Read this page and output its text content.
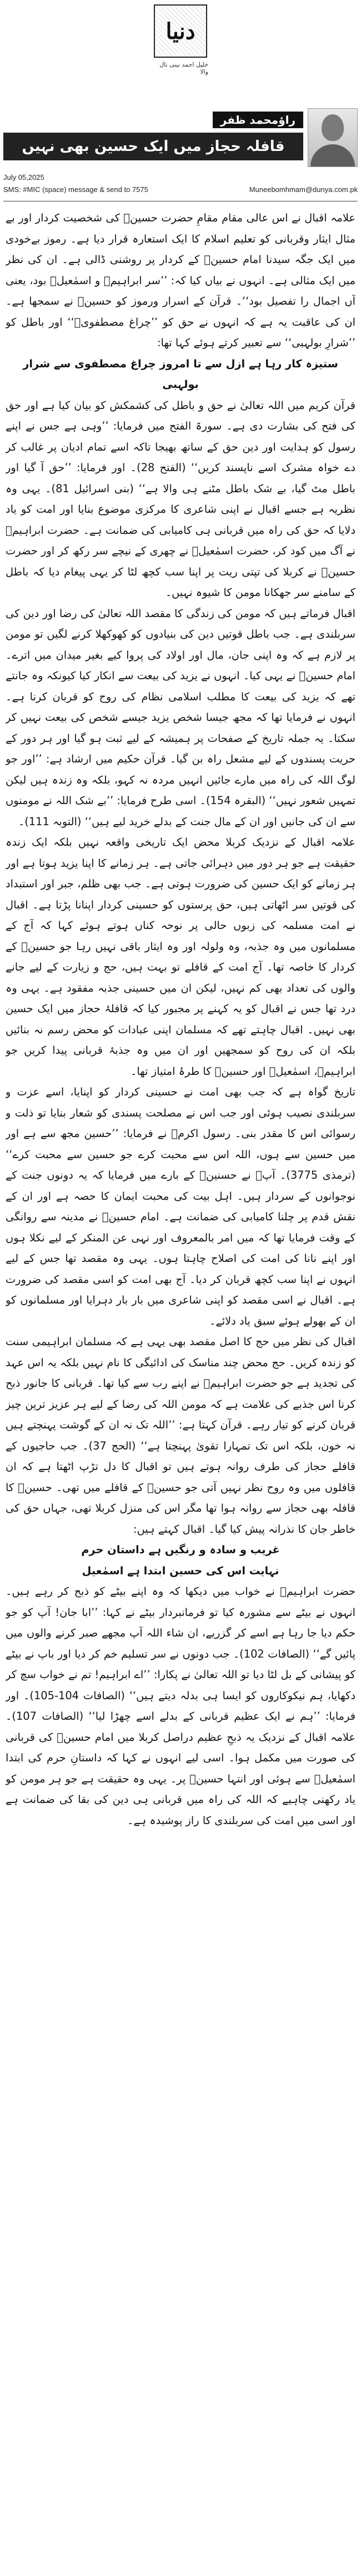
دنیا
خلیل احمد نینی تال والا
راؤمحمد ظفر
قافلہ حجاز میں ایک حسین بھی نہیں
July 05,2025
SMS: #MIC (space) message & send to 7575	Muneebomhmam@dunya.com.pk

علامہ اقبال نے اس عالی مقام مقامِ حضرت حسینؓ کی شخصیت کردار اور بے مثال ایثار وقربانی کو تعلیم اسلام کا ایک استعارہ قرار دیا ہے۔ رموز بےخودی میں ایک جگہ سیدنا امام حسینؓ کے کردار پر روشنی ڈالی ہے۔ ان کی نظر میں ایک مثالی ہے۔ انہوں نے بیاں کیا کہ: ’’سر ابراہیمؑ و اسمٰعیلؑ بود، یعنی آں اجمال را تفصیل بود‘‘۔ قرآن کے اسرار ورموز کو حسینؓ نے سمجھا ہے۔ ان کی عاقبت یہ ہے کہ انہوں نے حق کو ’’چراغ مصطفویؐ‘‘ اور باطل کو ’’شرارِ بولہبی‘‘ سے تعبیر کرتے ہوئے کہا تھا:

ستیزہ کار رہا ہے ازل سے تا امروز چراغ مصطفوی سے شرار بولہبی

قرآن کریم میں اللہ تعالیٰ نے حق و باطل کی کشمکش کو بیان کیا ہے اور حق کی فتح کی بشارت دی ہے۔ سورۃ الفتح میں فرمایا: ’’وہی ہے جس نے اپنے رسول کو ہدایت اور دین حق کے ساتھ بھیجا تاکہ اسے تمام ادیان پر غالب کر دے خواہ مشرک اسے ناپسند کریں‘‘ (الفتح 28)۔ اور فرمایا: ’’حق آ گیا اور باطل مٹ گیا، بے شک باطل مٹنے ہی والا ہے‘‘ (بنی اسرائیل 81)۔ یہی وہ نظریہ ہے جسے اقبال نے اپنی شاعری کا مرکزی موضوع بنایا اور امت کو یاد دلایا کہ حق کی راہ میں قربانی ہی کامیابی کی ضمانت ہے۔ حضرت ابراہیمؑ نے آگ میں کود کر، حضرت اسمٰعیلؑ نے چھری کے نیچے سر رکھ کر اور حضرت حسینؓ نے کربلا کی تپتی ریت پر اپنا سب کچھ لٹا کر یہی پیغام دیا کہ باطل کے سامنے سر جھکانا مومن کا شیوہ نہیں۔

اقبال فرماتے ہیں کہ مومن کی زندگی کا مقصد اللہ تعالیٰ کی رضا اور دین کی سربلندی ہے۔ جب باطل قوتیں دین کی بنیادوں کو کھوکھلا کرنے لگیں تو مومن پر لازم ہے کہ وہ اپنی جان، مال اور اولاد کی پروا کیے بغیر میدان میں اترے۔ امام حسینؓ نے یہی کیا۔ انہوں نے یزید کی بیعت سے انکار کیا کیونکہ وہ جانتے تھے کہ یزید کی بیعت کا مطلب اسلامی نظام کی روح کو قربان کرنا ہے۔ انہوں نے فرمایا تھا کہ مجھ جیسا شخص یزید جیسے شخص کی بیعت نہیں کر سکتا۔ یہ جملہ تاریخ کے صفحات پر ہمیشہ کے لیے ثبت ہو گیا اور ہر دور کے حریت پسندوں کے لیے مشعل راہ بن گیا۔ قرآن حکیم میں ارشاد ہے: ’’اور جو لوگ اللہ کی راہ میں مارے جائیں انہیں مردہ نہ کہو، بلکہ وہ زندہ ہیں لیکن تمہیں شعور نہیں‘‘ (البقرہ 154)۔ اسی طرح فرمایا: ’’بے شک اللہ نے مومنوں سے ان کی جانیں اور ان کے مال جنت کے بدلے خرید لیے ہیں‘‘ (التوبہ 111)۔

علامہ اقبال کے نزدیک کربلا محض ایک تاریخی واقعہ نہیں بلکہ ایک زندہ حقیقت ہے جو ہر دور میں دہرائی جاتی ہے۔ ہر زمانے کا اپنا یزید ہوتا ہے اور ہر زمانے کو ایک حسین کی ضرورت ہوتی ہے۔ جب بھی ظلم، جبر اور استبداد کی قوتیں سر اٹھاتی ہیں، حق پرستوں کو حسینی کردار اپنانا پڑتا ہے۔ اقبال نے امت مسلمہ کی زبوں حالی پر نوحہ کناں ہوتے ہوئے کہا کہ آج کے مسلمانوں میں وہ جذبہ، وہ ولولہ اور وہ ایثار باقی نہیں رہا جو حسینؓ کے کردار کا خاصہ تھا۔ آج امت کے قافلے تو بہت ہیں، حج و زیارت کے لیے جانے والوں کی تعداد بھی کم نہیں، لیکن ان میں حسینی جذبہ مفقود ہے۔ یہی وہ درد تھا جس نے اقبال کو یہ کہنے پر مجبور کیا کہ قافلۂ حجاز میں ایک حسین بھی نہیں۔ اقبال چاہتے تھے کہ مسلمان اپنی عبادات کو محض رسم نہ بنائیں بلکہ ان کی روح کو سمجھیں اور ان میں وہ جذبۂ قربانی پیدا کریں جو ابراہیمؑ، اسمٰعیلؑ اور حسینؓ کا طرۂ امتیاز تھا۔

تاریخ گواہ ہے کہ جب بھی امت نے حسینی کردار کو اپنایا، اسے عزت و سربلندی نصیب ہوئی اور جب اس نے مصلحت پسندی کو شعار بنایا تو ذلت و رسوائی اس کا مقدر بنی۔ رسول اکرمؐ نے فرمایا: ’’حسین مجھ سے ہے اور میں حسین سے ہوں، اللہ اس سے محبت کرے جو حسین سے محبت کرے‘‘ (ترمذی 3775)۔ آپؐ نے حسنینؓ کے بارے میں فرمایا کہ یہ دونوں جنت کے نوجوانوں کے سردار ہیں۔ اہل بیت کی محبت ایمان کا حصہ ہے اور ان کے نقش قدم پر چلنا کامیابی کی ضمانت ہے۔ امام حسینؓ نے مدینہ سے روانگی کے وقت فرمایا تھا کہ میں امر بالمعروف اور نہی عن المنکر کے لیے نکلا ہوں اور اپنے نانا کی امت کی اصلاح چاہتا ہوں۔ یہی وہ مقصد تھا جس کے لیے انہوں نے اپنا سب کچھ قربان کر دیا۔ آج بھی امت کو اسی مقصد کی ضرورت ہے۔ اقبال نے اسی مقصد کو اپنی شاعری میں بار بار دہرایا اور مسلمانوں کو ان کے بھولے ہوئے سبق یاد دلائے۔

اقبال کی نظر میں حج کا اصل مقصد بھی یہی ہے کہ مسلمان ابراہیمی سنت کو زندہ کریں۔ حج محض چند مناسک کی ادائیگی کا نام نہیں بلکہ یہ اس عہد کی تجدید ہے جو حضرت ابراہیمؑ نے اپنے رب سے کیا تھا۔ قربانی کا جانور ذبح کرنا اس جذبے کی علامت ہے کہ مومن اللہ کی رضا کے لیے ہر عزیز ترین چیز قربان کرنے کو تیار رہے۔ قرآن کہتا ہے: ’’اللہ تک نہ ان کے گوشت پہنچتے ہیں نہ خون، بلکہ اس تک تمہارا تقویٰ پہنچتا ہے‘‘ (الحج 37)۔ جب حاجیوں کے قافلے حجاز کی طرف روانہ ہوتے ہیں تو اقبال کا دل تڑپ اٹھتا ہے کہ ان قافلوں میں وہ روح نظر نہیں آتی جو حسینؓ کے قافلے میں تھی۔ حسینؓ کا قافلہ بھی حجاز سے روانہ ہوا تھا مگر اس کی منزل کربلا تھی، جہاں حق کی خاطر جان کا نذرانہ پیش کیا گیا۔ اقبال کہتے ہیں:

غریب و سادہ و رنگیں ہے داستان حرم
نہایت اس کی حسین ابتدا ہے اسمٰعیل

حضرت ابراہیمؑ نے خواب میں دیکھا کہ وہ اپنے بیٹے کو ذبح کر رہے ہیں۔ انہوں نے بیٹے سے مشورہ کیا تو فرمانبردار بیٹے نے کہا: ’’ابا جان! آپ کو جو حکم دیا جا رہا ہے اسے کر گزریے، ان شاء اللہ آپ مجھے صبر کرنے والوں میں پائیں گے‘‘ (الصافات 102)۔ جب دونوں نے سر تسلیم خم کر دیا اور باپ نے بیٹے کو پیشانی کے بل لٹا دیا تو اللہ تعالیٰ نے پکارا: ’’اے ابراہیم! تم نے خواب سچ کر دکھایا، ہم نیکوکاروں کو ایسا ہی بدلہ دیتے ہیں‘‘ (الصافات 104-105)۔ اور فرمایا: ’’ہم نے ایک عظیم قربانی کے بدلے اسے چھڑا لیا‘‘ (الصافات 107)۔ علامہ اقبال کے نزدیک یہ ذبحِ عظیم دراصل کربلا میں امام حسینؓ کی قربانی کی صورت میں مکمل ہوا۔ اسی لیے انہوں نے کہا کہ داستانِ حرم کی ابتدا اسمٰعیلؑ سے ہوئی اور انتہا حسینؓ پر۔ یہی وہ حقیقت ہے جو ہر مومن کو یاد رکھنی چاہیے کہ اللہ کی راہ میں قربانی ہی دین کی بقا کی ضمانت ہے اور اسی میں امت کی سربلندی کا راز پوشیدہ ہے۔
